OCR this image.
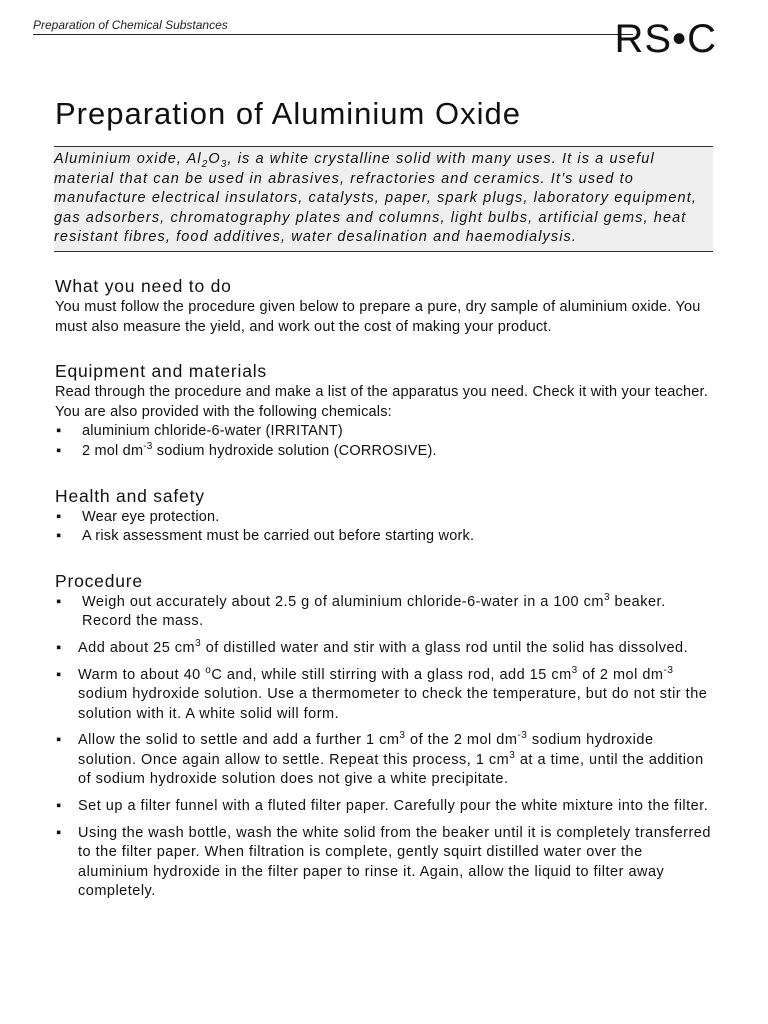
Preparation of Chemical Substances	RS•C
Preparation of Aluminium Oxide

Aluminium oxide, $Al_2O_3$, is a white crystalline solid with many uses. It is a useful material that can be used in abrasives, refractories and ceramics. It’s used to manufacture electrical insulators, catalysts, paper, spark plugs, laboratory equipment, gas adsorbers, chromatography plates and columns, light bulbs, artificial gems, heat resistant fibres, food additives, water desalination and haemodialysis.

What you need to do

You must follow the procedure given below to prepare a pure, dry sample of aluminium oxide. You must also measure the yield, and work out the cost of making your product.

Equipment and materials

Read through the procedure and make a list of the apparatus you need. Check it with your teacher. You are also provided with the following chemicals:

▪ aluminium chloride-6-water (IRRITANT)
▪ 2 mol $dm^{-3}$ sodium hydroxide solution (CORROSIVE).
Health and safety
▪ Wear eye protection.
▪ A risk assessment must be carried out before starting work.
Procedure
▪ Weigh out accurately about 2.5 g of aluminium chloride-6-water in a 100 $cm^3$ beaker. Record the mass.
▪ Add about 25 $cm^3$ of distilled water and stir with a glass rod until the solid has dissolved.
▪ Warm to about 40 $^o$C and, while still stirring with a glass rod, add 15 $cm^3$ of 2 mol $dm^{-3}$ sodium hydroxide solution. Use a thermometer to check the temperature, but do not stir the solution with it. A white solid will form.
▪ Allow the solid to settle and add a further 1 $cm^3$ of the 2 mol $dm^{-3}$ sodium hydroxide solution. Once again allow to settle. Repeat this process, 1 $cm^3$ at a time, until the addition of sodium hydroxide solution does not give a white precipitate.
▪ Set up a filter funnel with a fluted filter paper. Carefully pour the white mixture into the filter.
▪ Using the wash bottle, wash the white solid from the beaker until it is completely transferred to the filter paper. When filtration is complete, gently squirt distilled water over the aluminium hydroxide in the filter paper to rinse it. Again, allow the liquid to filter away completely.
